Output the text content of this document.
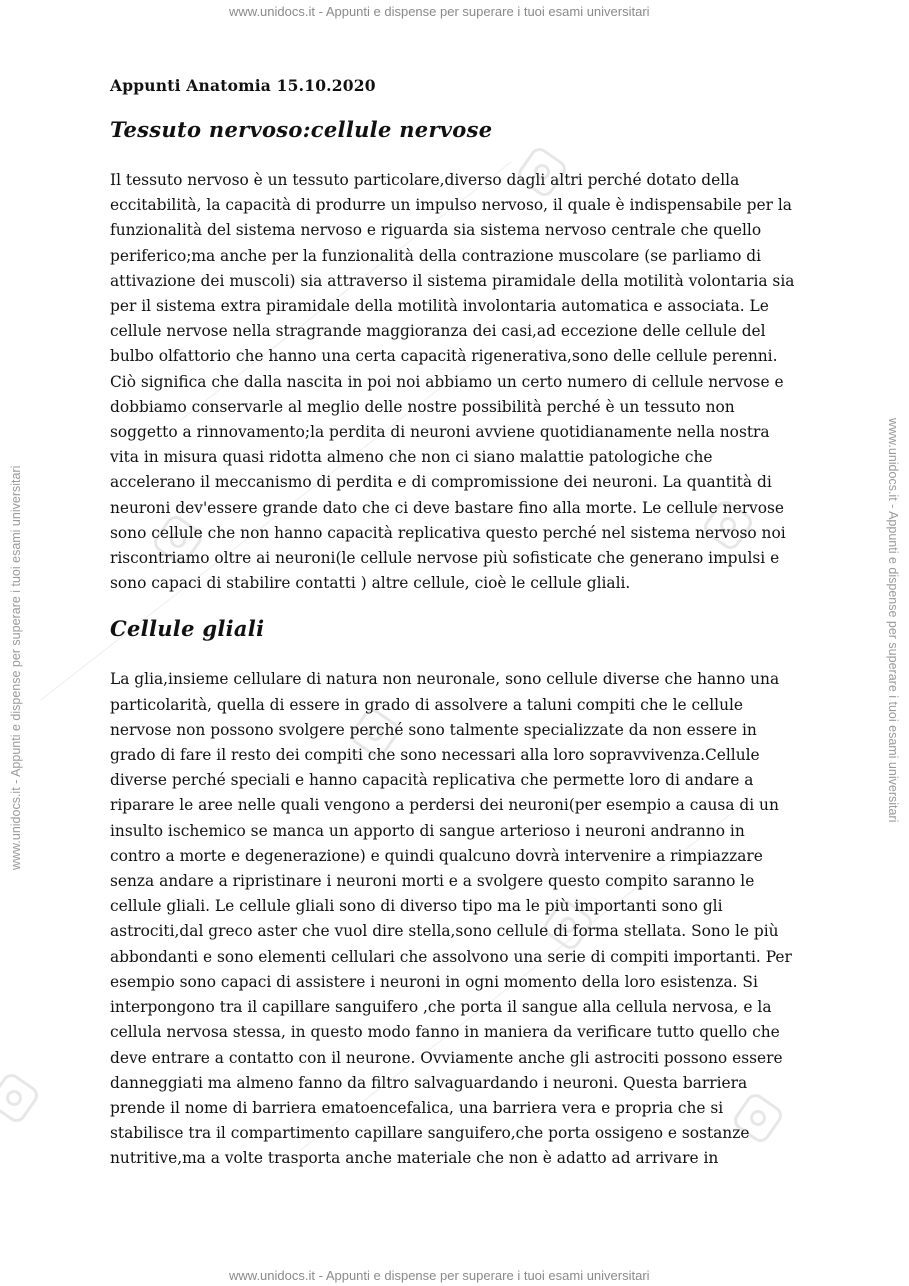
www.unidocs.it - Appunti e dispense per superare i tuoi esami universitari
www.unidocs.it - Appunti e dispense per superare i tuoi esami universitari
www.unidocs.it - Appunti e dispense per superare i tuoi esami universitari	www.unidocs.it - Appunti e dispense per superare i tuoi esami universitari
Appunti Anatomia 15.10.2020
Tessuto nervoso:cellule nervose

Il tessuto nervoso è un tessuto particolare,diverso dagli altri perché dotato della eccitabilità, la capacità di produrre un impulso nervoso, il quale è indispensabile per la funzionalità del sistema nervoso e riguarda sia sistema nervoso centrale che quello periferico;ma anche per la funzionalità della contrazione muscolare (se parliamo di attivazione dei muscoli) sia attraverso il sistema piramidale della motilità volontaria sia per il sistema extra piramidale della motilità involontaria automatica e associata. Le cellule nervose nella stragrande maggioranza dei casi,ad eccezione delle cellule del bulbo olfattorio che hanno una certa capacità rigenerativa,sono delle cellule perenni. Ciò significa che dalla nascita in poi noi abbiamo un certo numero di cellule nervose e dobbiamo conservarle al meglio delle nostre possibilità perché è un tessuto non soggetto a rinnovamento;la perdita di neuroni avviene quotidianamente nella nostra vita in misura quasi ridotta almeno che non ci siano malattie patologiche che accelerano il meccanismo di perdita e di compromissione dei neuroni. La quantità di neuroni dev'essere grande dato che ci deve bastare fino alla morte. Le cellule nervose sono cellule che non hanno capacità replicativa questo perché nel sistema nervoso noi riscontriamo oltre ai neuroni(le cellule nervose più sofisticate che generano impulsi e sono capaci di stabilire contatti ) altre cellule, cioè le cellule gliali.

Cellule gliali

La glia,insieme cellulare di natura non neuronale, sono cellule diverse che hanno una particolarità, quella di essere in grado di assolvere a taluni compiti che le cellule nervose non possono svolgere perché sono talmente specializzate da non essere in grado di fare il resto dei compiti che sono necessari alla loro sopravvivenza.Cellule diverse perché speciali e hanno capacità replicativa che permette loro di andare a riparare le aree nelle quali vengono a perdersi dei neuroni(per esempio a causa di un insulto ischemico se manca un apporto di sangue arterioso i neuroni andranno in contro a morte e degenerazione) e quindi qualcuno dovrà intervenire a rimpiazzare senza andare a ripristinare i neuroni morti e a svolgere questo compito saranno le cellule gliali. Le cellule gliali sono di diverso tipo ma le più importanti sono gli astrociti,dal greco aster che vuol dire stella,sono cellule di forma stellata. Sono le più abbondanti e sono elementi cellulari che assolvono una serie di compiti importanti. Per esempio sono capaci di assistere i neuroni in ogni momento della loro esistenza. Si interpongono tra il capillare sanguifero ,che porta il sangue alla cellula nervosa, e la cellula nervosa stessa, in questo modo fanno in maniera da verificare tutto quello che deve entrare a contatto con il neurone. Ovviamente anche gli astrociti possono essere danneggiati ma almeno fanno da filtro salvaguardando i neuroni. Questa barriera prende il nome di barriera ematoencefalica, una barriera vera e propria che si stabilisce tra il compartimento capillare sanguifero,che porta ossigeno e sostanze nutritive,ma a volte trasporta anche materiale che non è adatto ad arrivare in
